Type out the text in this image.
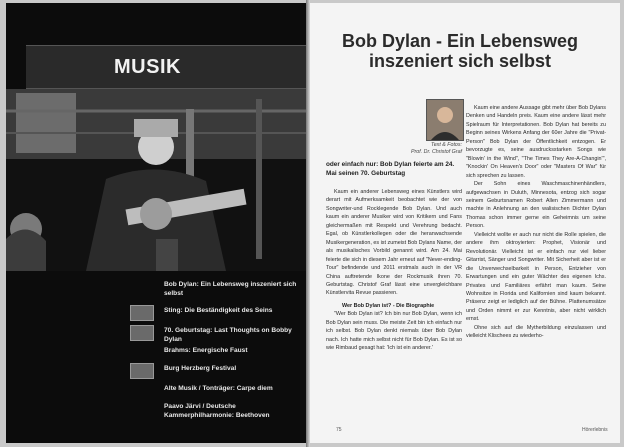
MUSIK
Bob Dylan: Ein Lebensweg inszeniert sich selbst
Sting: Die Beständigkeit des Seins
70. Geburtstag: Last Thoughts on Bobby Dylan
Brahms: Energische Faust
Burg Herzberg Festival
Alte Musik / Tonträger: Carpe diem
Paavo Järvi / Deutsche Kammerphilharmonie: Beethoven
Bob Dylan - Ein Lebensweg
inszeniert sich selbst
Text & Fotos:
Prof. Dr. Christof Graf
oder einfach nur: Bob Dylan feierte am 24. Mai seinen 70. Geburtstag

Kaum ein anderer Lebensweg eines Künstlers wird derart mit Aufmerksamkeit beobachtet wie der von Songwriter-und Rocklegende Bob Dylan. Und auch kaum ein anderer Musiker wird von Kritikern und Fans gleichermaßen mit Respekt und Verehrung bedacht. Egal, ob Künstlerkollegen oder die heranwachsende Musikergeneration, es ist zumeist Bob Dylans Name, der als musikalisches Vorbild genannt wird. Am 24. Mai feierte die sich in diesem Jahr erneut auf "Never-ending-Tour" befindende und 2011 erstmals auch in der VR China auftretende Ikone der Rockmusik ihren 70. Geburtstag. Christof Graf lässt eine unvergleichbare Künstlervita Revue passieren.

Wer Bob Dylan ist? - Die Biographie

"Wer Bob Dylan ist? Ich bin nur Bob Dylan, wenn ich Bob Dylan sein muss. Die meiste Zeit bin ich einfach nur ich selbst. Bob Dylan denkt niemals über Bob Dylan nach. Ich hatte mich selbst nicht für Bob Dylan. Es ist so wie Rimbaud gesagt hat: 'Ich ist ein anderer.'

Kaum eine andere Aussage gibt mehr über Bob Dylans Denken und Handeln preis. Kaum eine andere lässt mehr Spielraum für Interpretationen. Bob Dylan hat bereits zu Beginn seines Wirkens Anfang der 60er Jahre die "Privat-Person" Bob Dylan der Öffentlichkeit entzogen. Er bevorzugte es, seine ausdrucksstarken Songs wie "Blowin' in the Wind", "The Times They Are-A-Changin'", "Knockin' On Heaven's Door" oder "Masters Of War" für sich sprechen zu lassen.

Der Sohn eines Waschmaschinenhändlers, aufgewachsen in Duluth, Minnesota, entzog sich sogar seinem Geburtsnamen Robert Allen Zimmermann und machte in Anlehnung an den walisischen Dichter Dylan Thomas schon immer gerne ein Geheimnis um seine Person.

Vielleicht wollte er auch nur nicht die Rolle spielen, die andere ihm oktroyierten: Prophet, Visionär und Revolutionär. Vielleicht ist er einfach nur viel lieber Gitarrist, Sänger und Songwriter. Mit Sicherheit aber ist er die Unverwechselbarkeit in Person, Entzieher von Erwartungen und ein guter Wächter des eigenen Ichs. Privates und Familiäres erfährt man kaum. Seine Wohnsitze in Florida und Kalifornien sind kaum bekannt. Präsenz zeigt er lediglich auf der Bühne. Plattenumsätze und Orden nimmt er zur Kenntnis, aber nicht wirklich ernst.

Ohne sich auf die Mytherbildung einzulassen und vielleicht Klischees zu wiederho-

75	Hörerlebnis
